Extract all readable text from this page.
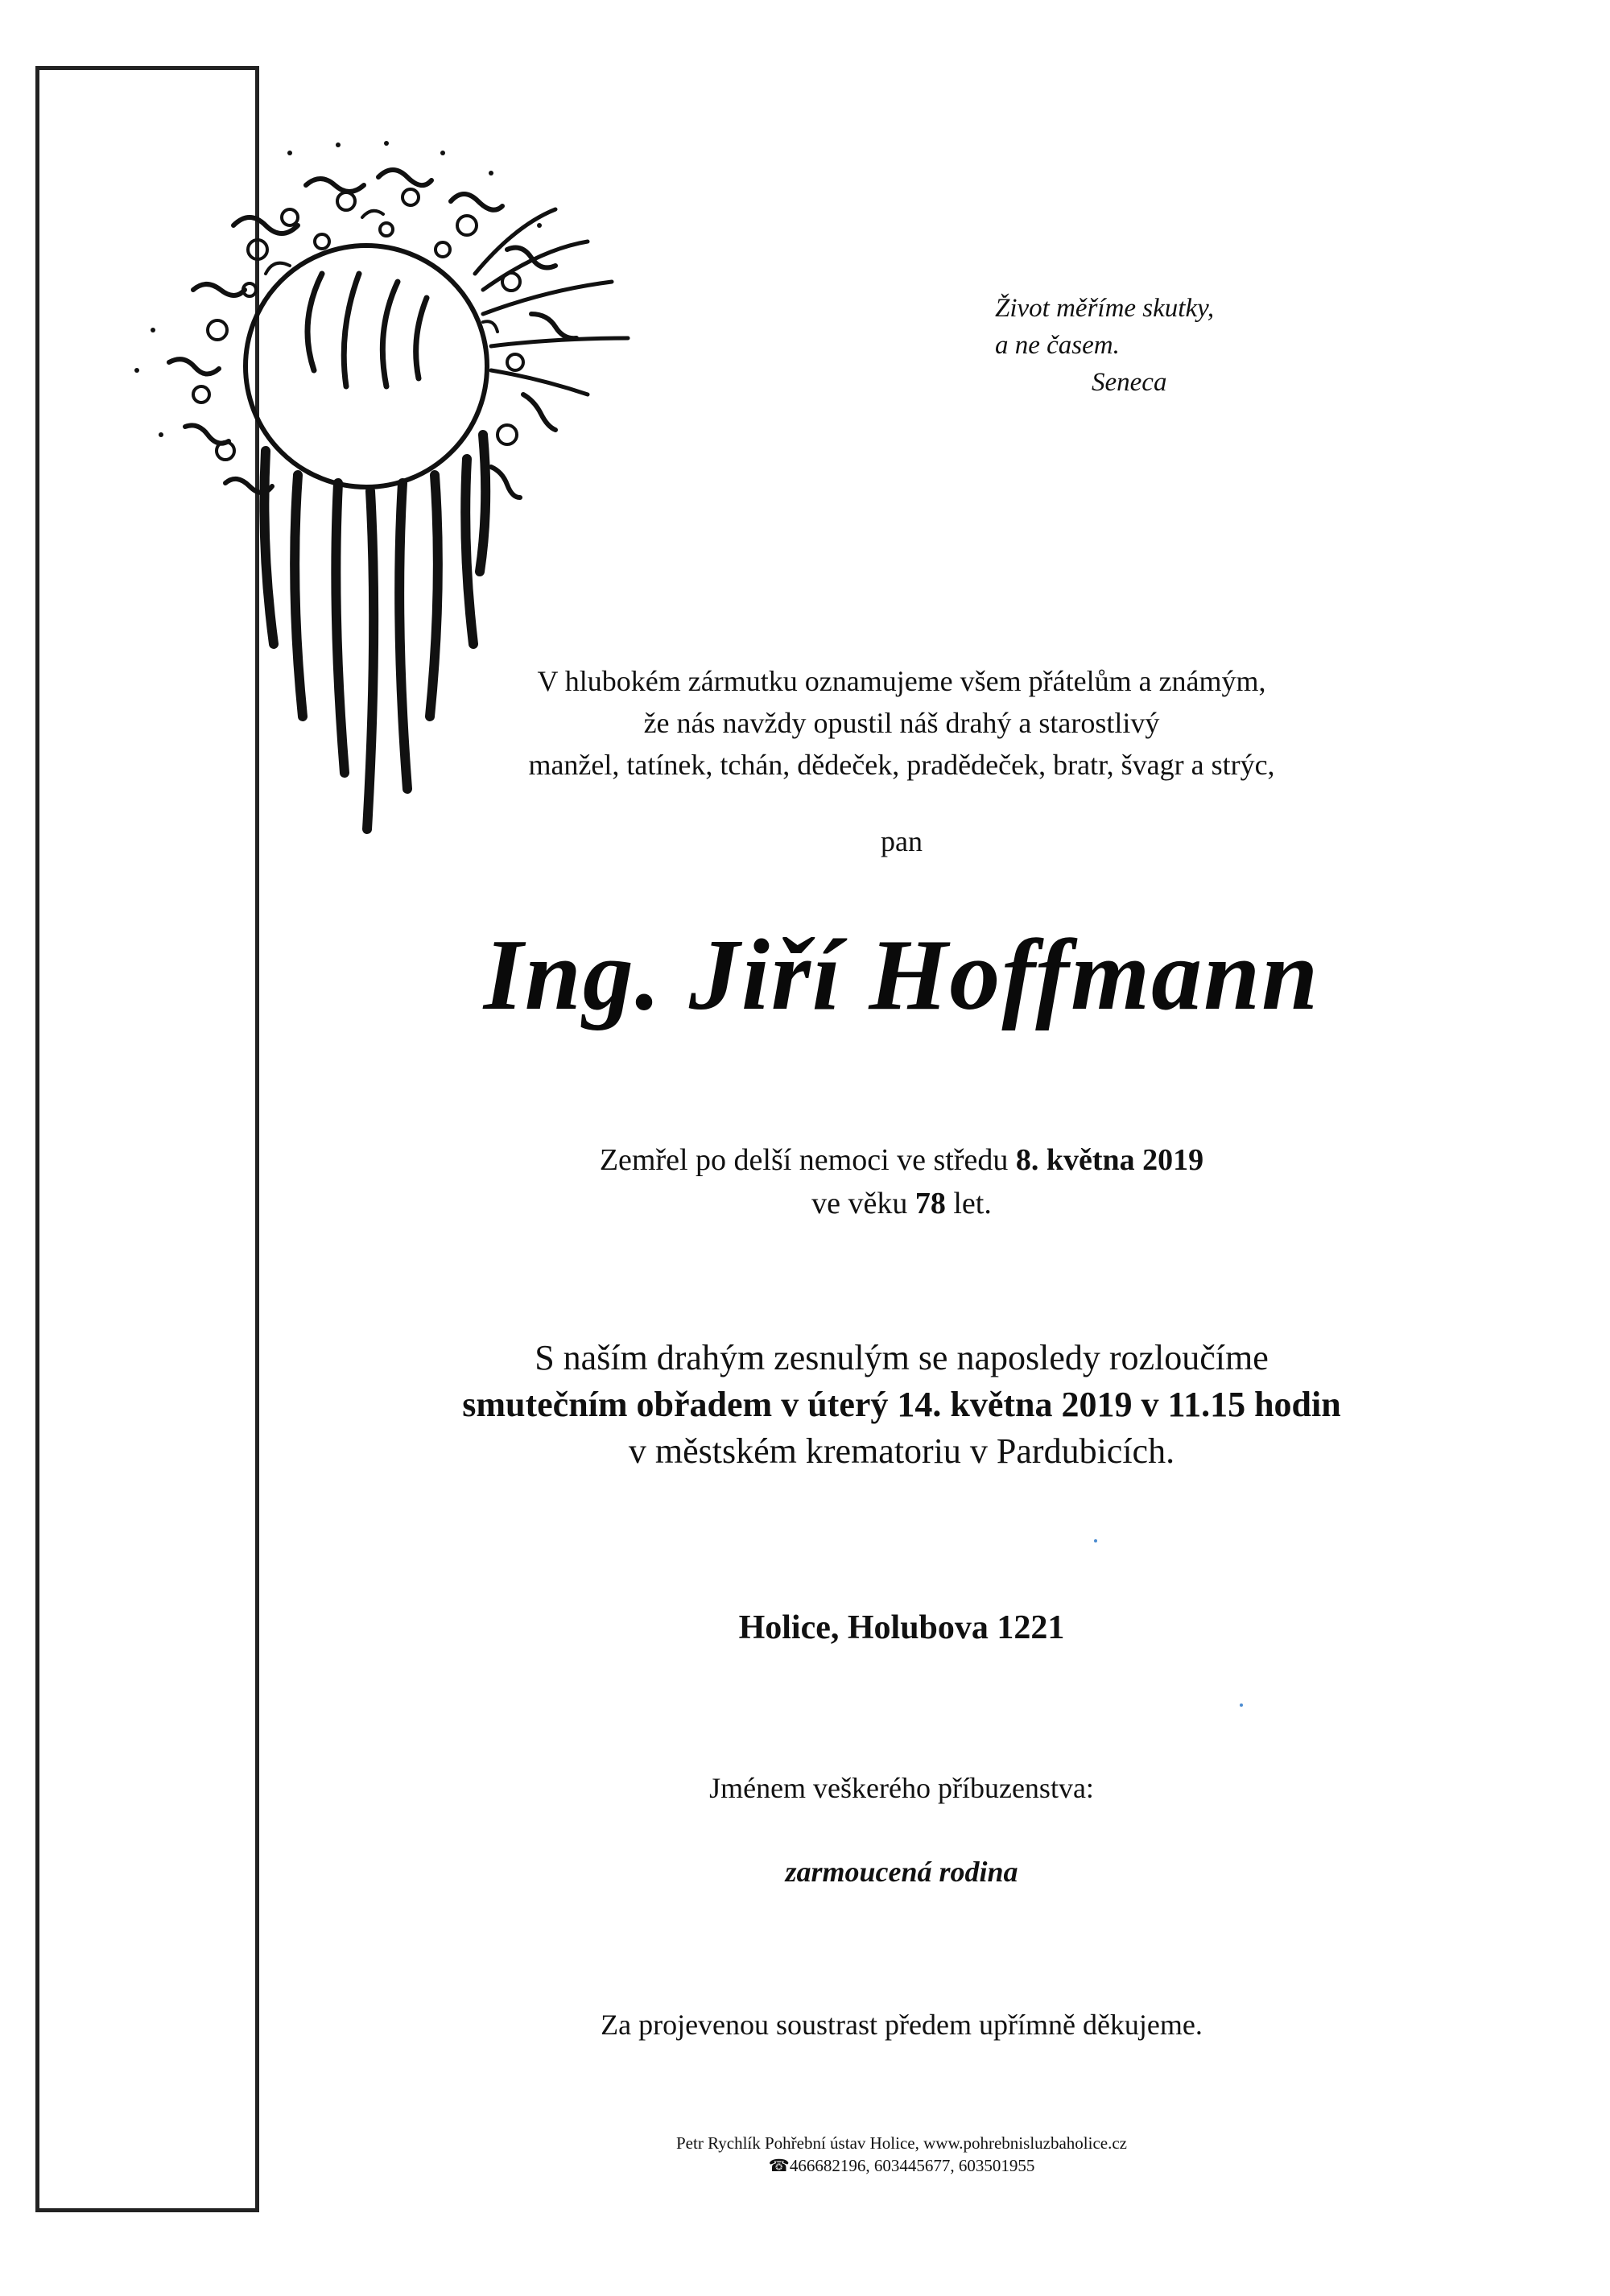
Život měříme skutky,
a ne časem.
Seneca
V hlubokém zármutku oznamujeme všem přátelům a známým,
že nás navždy opustil náš drahý a starostlivý
manžel, tatínek, tchán, dědeček, pradědeček, bratr, švagr a strýc,
pan
Ing. Jiří Hoffmann
Zemřel po delší nemoci ve středu 8. května 2019
ve věku 78 let.
S naším drahým zesnulým se naposledy rozloučíme
smutečním obřadem v úterý 14. května 2019 v 11.15 hodin
v městském krematoriu v Pardubicích.
Holice, Holubova 1221
Jménem veškerého příbuzenstva:
zarmoucená rodina
Za projevenou soustrast předem upřímně děkujeme.
Petr Rychlík Pohřební ústav Holice, www.pohrebnisluzbaholice.cz
☎466682196, 603445677, 603501955
